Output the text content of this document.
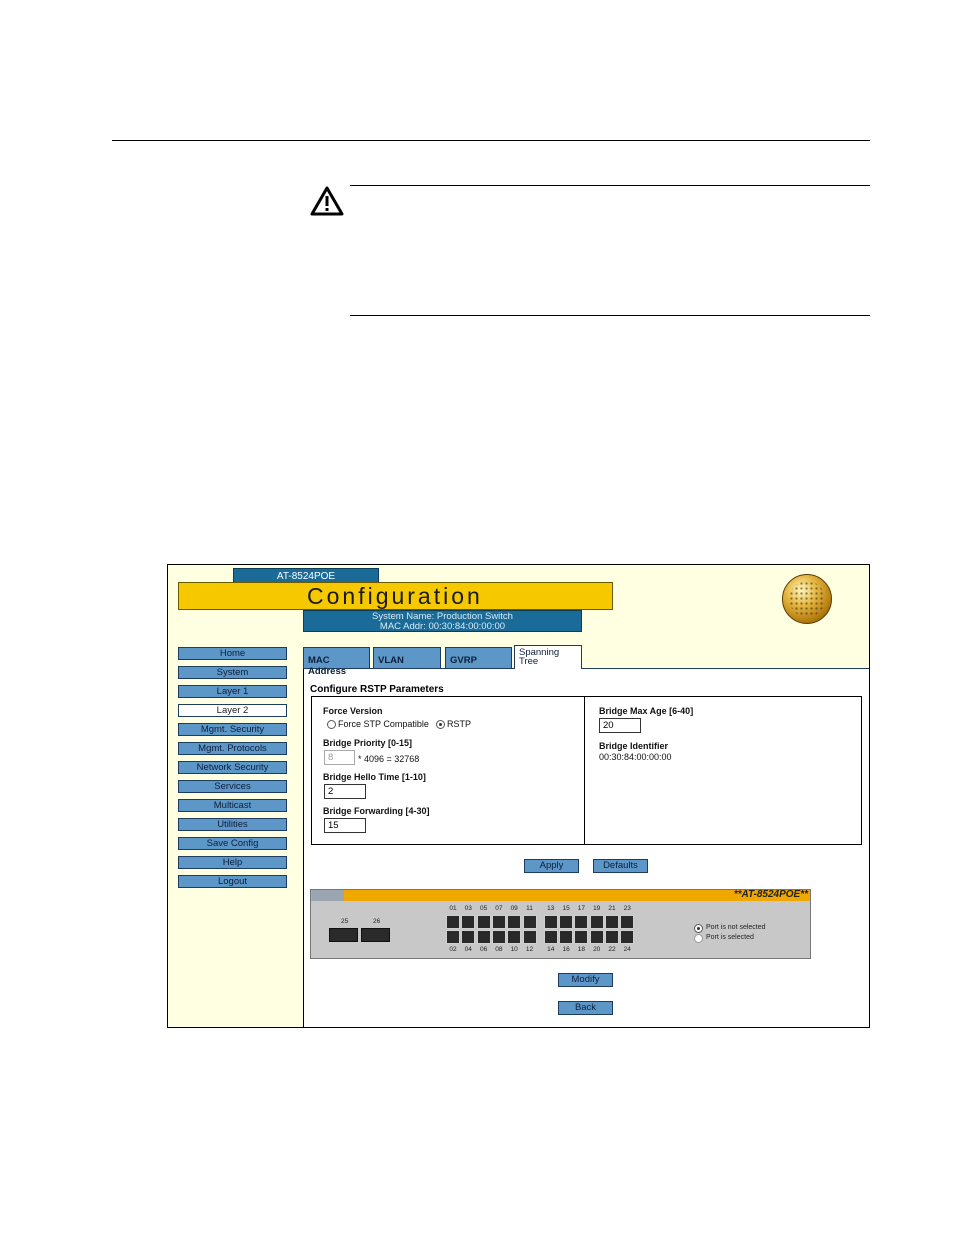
AT-8524POE
Configuration
Home
System
Layer 1
Layer 2
Mgmt. Security
Mgmt. Protocols
Network Security
Services
Multicast
Utilities
Save Config
Help
Logout
System Name: Production Switch
MAC Addr: 00:30:84:00:00:00
MAC Address
VLAN	GVRP
Spanning
Tree
Configure RSTP Parameters
Force Version
Force STP Compatible RSTP
Bridge Priority [0-15]
8	* 4096 = 32768
Bridge Hello Time [1-10]
2
Bridge Forwarding [4-30]
15
Bridge Max Age [6-40]
20
Bridge Identifier
00:30:84:00:00:00
Apply	Defaults
**AT-8524POE**
25	26
01	03	05	07	09	11	13	15	17	19	21	23
02	04	06	08	10	12	14	16	18	20	22	24
Port is not selected
Port is selected
Modify
Back
